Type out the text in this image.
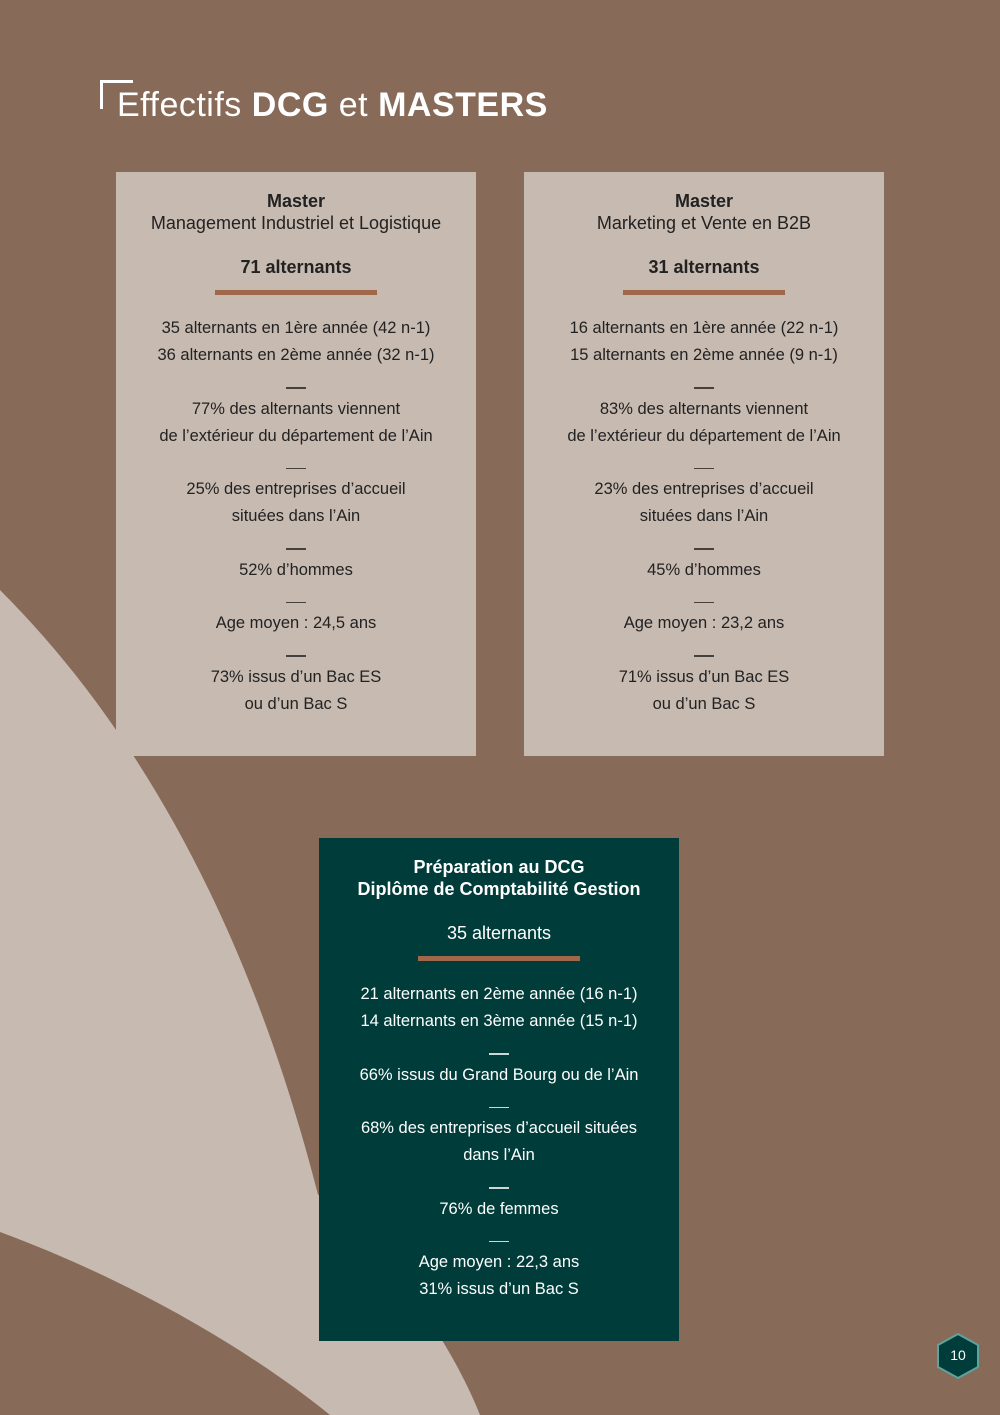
Effectifs DCG et MASTERS
Master
Management Industriel et Logistique
71 alternants
35 alternants en 1ère année (42 n-1)
36 alternants en 2ème année (32 n-1)
77% des alternants viennent
de l’extérieur du département de l’Ain
25% des entreprises d’accueil
situées dans l’Ain
52% d’hommes
Age moyen : 24,5 ans
73% issus d’un Bac ES
ou d’un Bac S
Master
Marketing et Vente en B2B
31 alternants
16 alternants en 1ère année (22 n-1)
15 alternants en 2ème année (9 n-1)
83% des alternants viennent
de l’extérieur du département de l’Ain
23% des entreprises d’accueil
situées dans l’Ain
45% d’hommes
Age moyen : 23,2 ans
71% issus d’un Bac ES
ou d’un Bac S
Préparation au DCG
Diplôme de Comptabilité Gestion
35 alternants
21 alternants en 2ème année (16 n-1)
14 alternants en 3ème année (15 n-1)
66% issus du Grand Bourg ou de l’Ain
68% des entreprises d’accueil situées
dans l’Ain
76% de femmes
Age moyen : 22,3 ans
31% issus d’un Bac S
10
